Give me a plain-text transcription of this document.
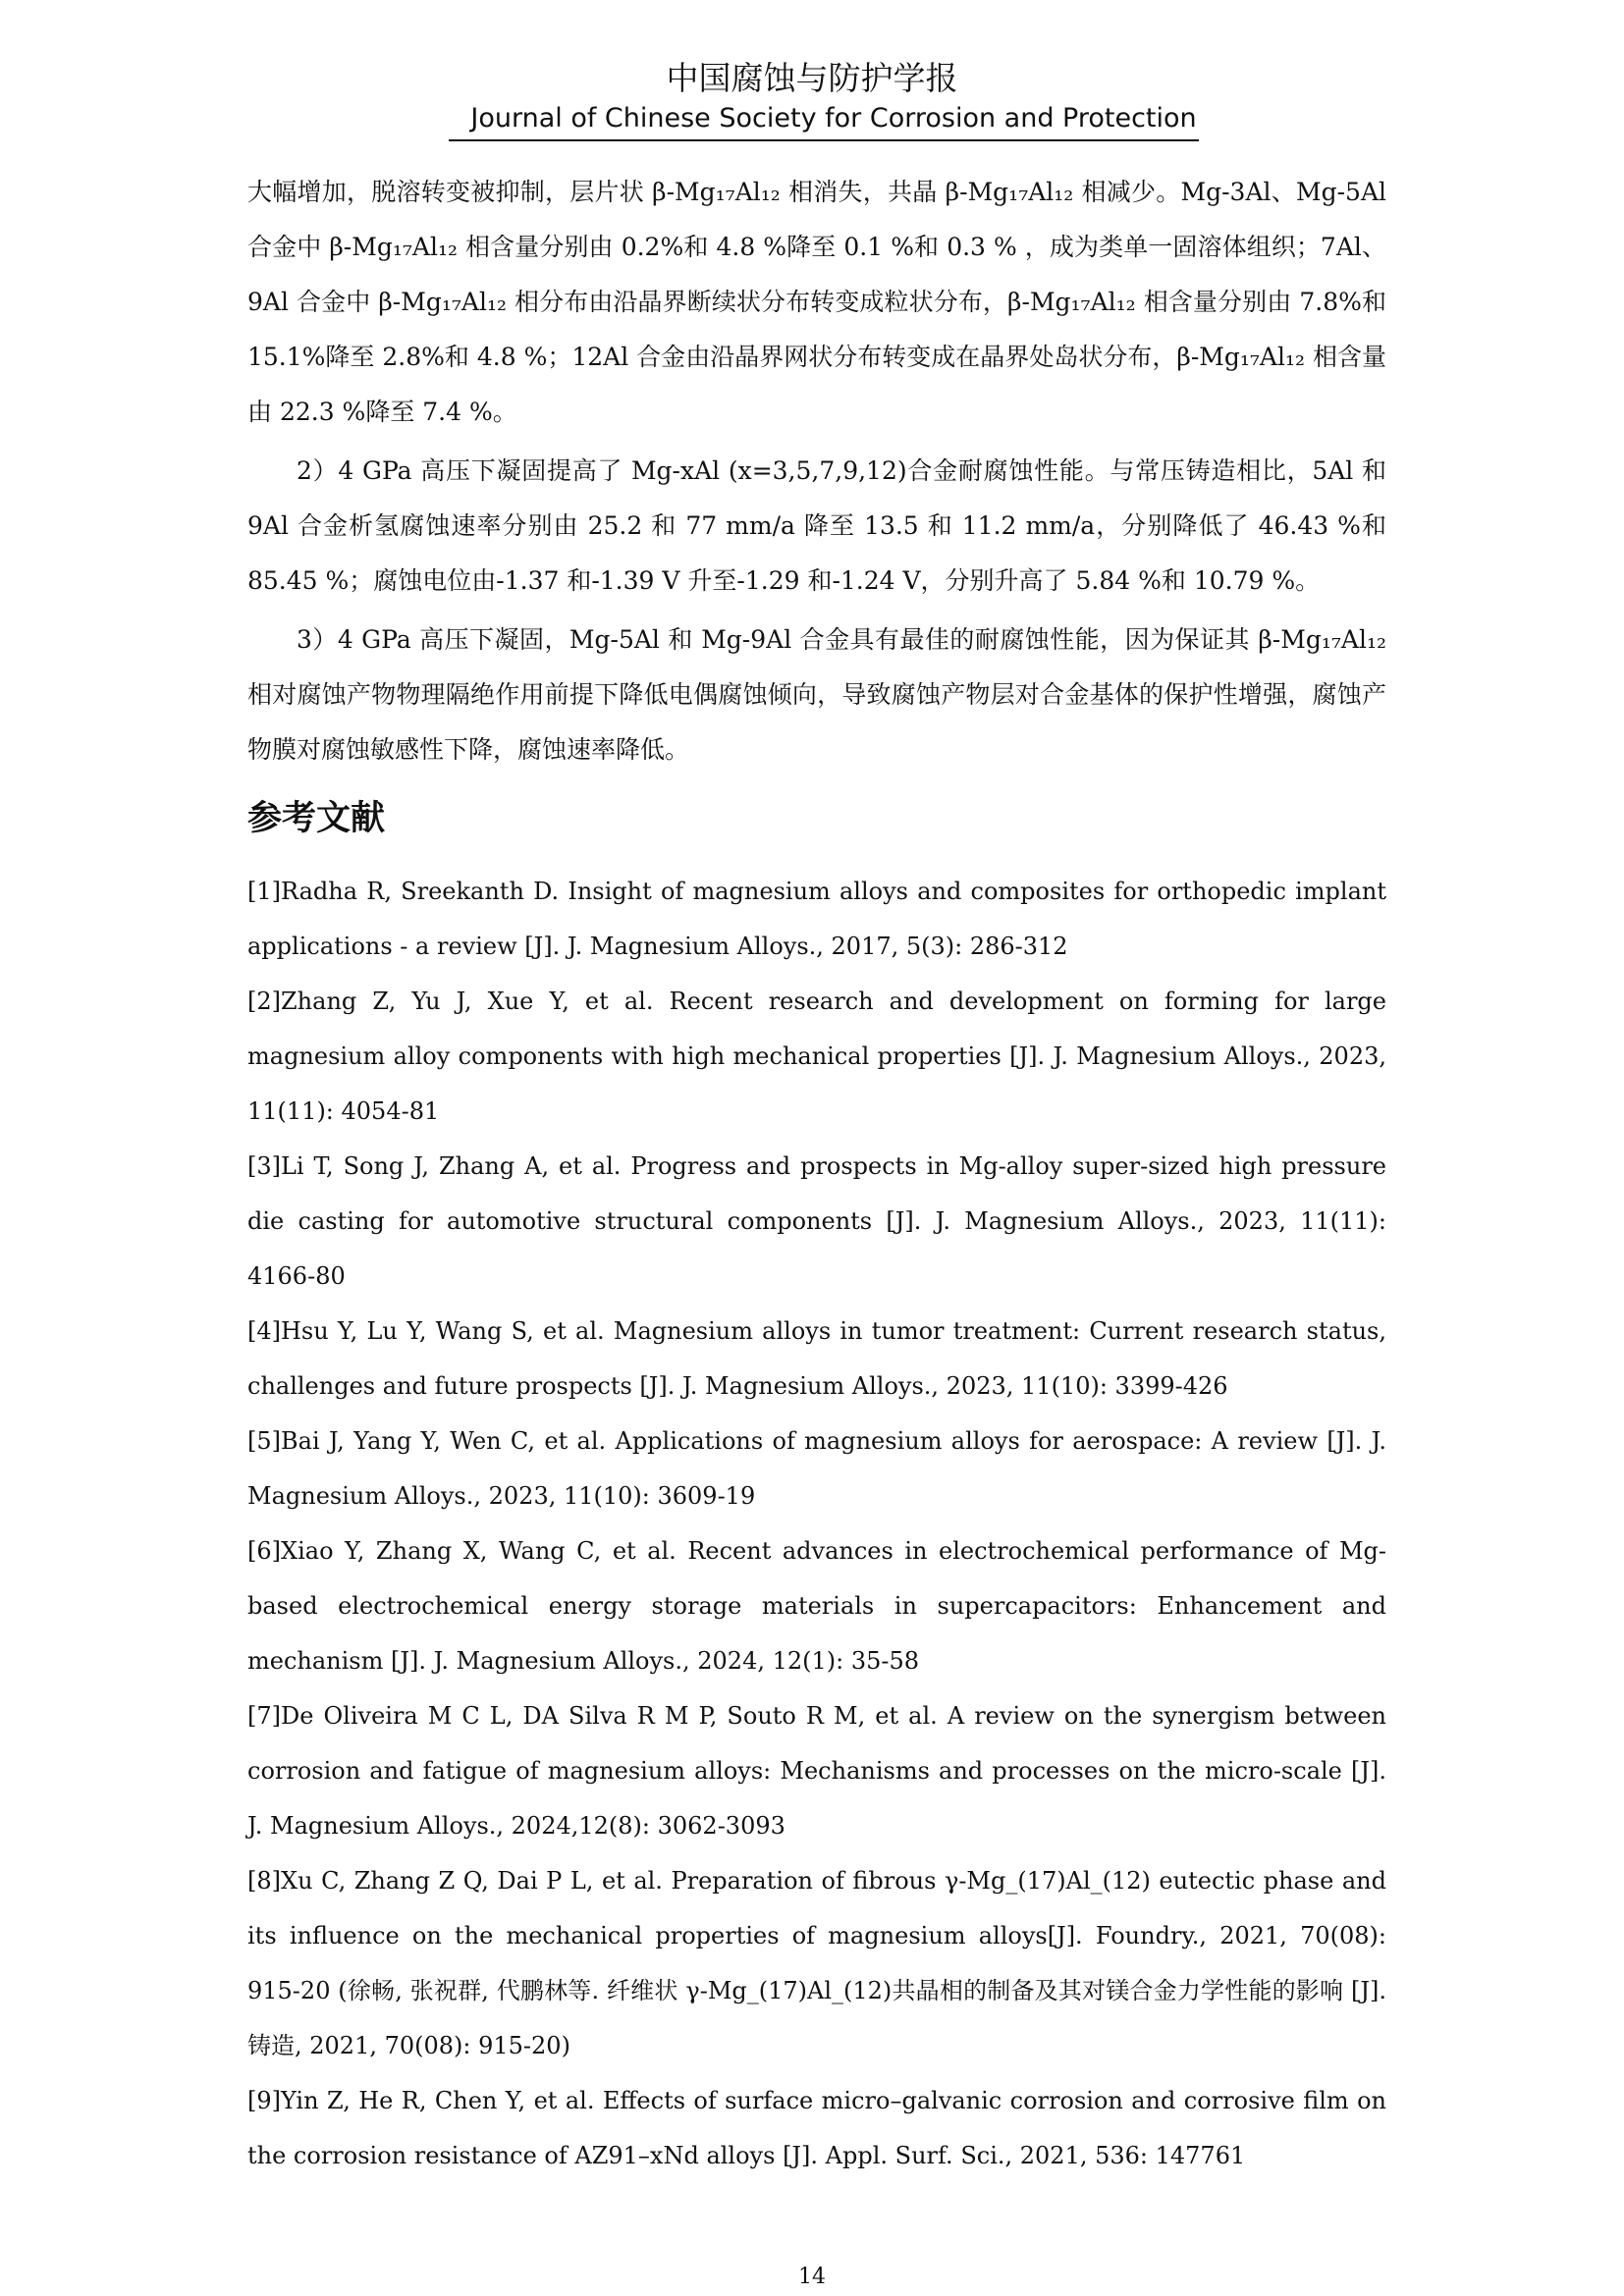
中国腐蚀与防护学报
Journal of Chinese Society for Corrosion and Protection

大幅增加，脱溶转变被抑制，层片状 β-Mg₁₇Al₁₂ 相消失，共晶 β-Mg₁₇Al₁₂ 相减少。Mg-3Al、Mg-5Al 合金中 β-Mg₁₇Al₁₂ 相含量分别由 0.2%和 4.8 %降至 0.1 %和 0.3 % ，成为类单一固溶体组织；7Al、9Al 合金中 β-Mg₁₇Al₁₂ 相分布由沿晶界断续状分布转变成粒状分布，β-Mg₁₇Al₁₂ 相含量分别由 7.8%和 15.1%降至 2.8%和 4.8 %；12Al 合金由沿晶界网状分布转变成在晶界处岛状分布，β-Mg₁₇Al₁₂ 相含量由 22.3 %降至 7.4 %。

2）4 GPa 高压下凝固提高了 Mg-xAl (x=3,5,7,9,12)合金耐腐蚀性能。与常压铸造相比，5Al 和 9Al 合金析氢腐蚀速率分别由 25.2 和 77 mm/a 降至 13.5 和 11.2 mm/a，分别降低了 46.43 %和 85.45 %；腐蚀电位由-1.37 和-1.39 V 升至-1.29 和-1.24 V，分别升高了 5.84 %和 10.79 %。

3）4 GPa 高压下凝固，Mg-5Al 和 Mg-9Al 合金具有最佳的耐腐蚀性能，因为保证其 β-Mg₁₇Al₁₂ 相对腐蚀产物物理隔绝作用前提下降低电偶腐蚀倾向，导致腐蚀产物层对合金基体的保护性增强，腐蚀产物膜对腐蚀敏感性下降，腐蚀速率降低。

参考文献
[1]Radha R, Sreekanth D. Insight of magnesium alloys and composites for orthopedic implant applications - a review [J]. J. Magnesium Alloys., 2017, 5(3): 286-312
[2]Zhang Z, Yu J, Xue Y, et al. Recent research and development on forming for large magnesium alloy components with high mechanical properties [J]. J. Magnesium Alloys., 2023, 11(11): 4054-81
[3]Li T, Song J, Zhang A, et al. Progress and prospects in Mg-alloy super-sized high pressure die casting for automotive structural components [J]. J. Magnesium Alloys., 2023, 11(11): 4166-80
[4]Hsu Y, Lu Y, Wang S, et al. Magnesium alloys in tumor treatment: Current research status, challenges and future prospects [J]. J. Magnesium Alloys., 2023, 11(10): 3399-426
[5]Bai J, Yang Y, Wen C, et al. Applications of magnesium alloys for aerospace: A review [J]. J. Magnesium Alloys., 2023, 11(10): 3609-19
[6]Xiao Y, Zhang X, Wang C, et al. Recent advances in electrochemical performance of Mg-based electrochemical energy storage materials in supercapacitors: Enhancement and mechanism [J]. J. Magnesium Alloys., 2024, 12(1): 35-58
[7]De Oliveira M C L, DA Silva R M P, Souto R M, et al. A review on the synergism between corrosion and fatigue of magnesium alloys: Mechanisms and processes on the micro-scale [J]. J. Magnesium Alloys., 2024,12(8): 3062-3093
[8]Xu C, Zhang Z Q, Dai P L, et al. Preparation of fibrous γ-Mg_(17)Al_(12) eutectic phase and its influence on the mechanical properties of magnesium alloys[J]. Foundry., 2021, 70(08): 915-20 (徐畅, 张祝群, 代鹏林等. 纤维状 γ-Mg_(17)Al_(12)共晶相的制备及其对镁合金力学性能的影响 [J]. 铸造, 2021, 70(08): 915-20)
[9]Yin Z, He R, Chen Y, et al. Effects of surface micro–galvanic corrosion and corrosive film on the corrosion resistance of AZ91–xNd alloys [J]. Appl. Surf. Sci., 2021, 536: 147761
14
